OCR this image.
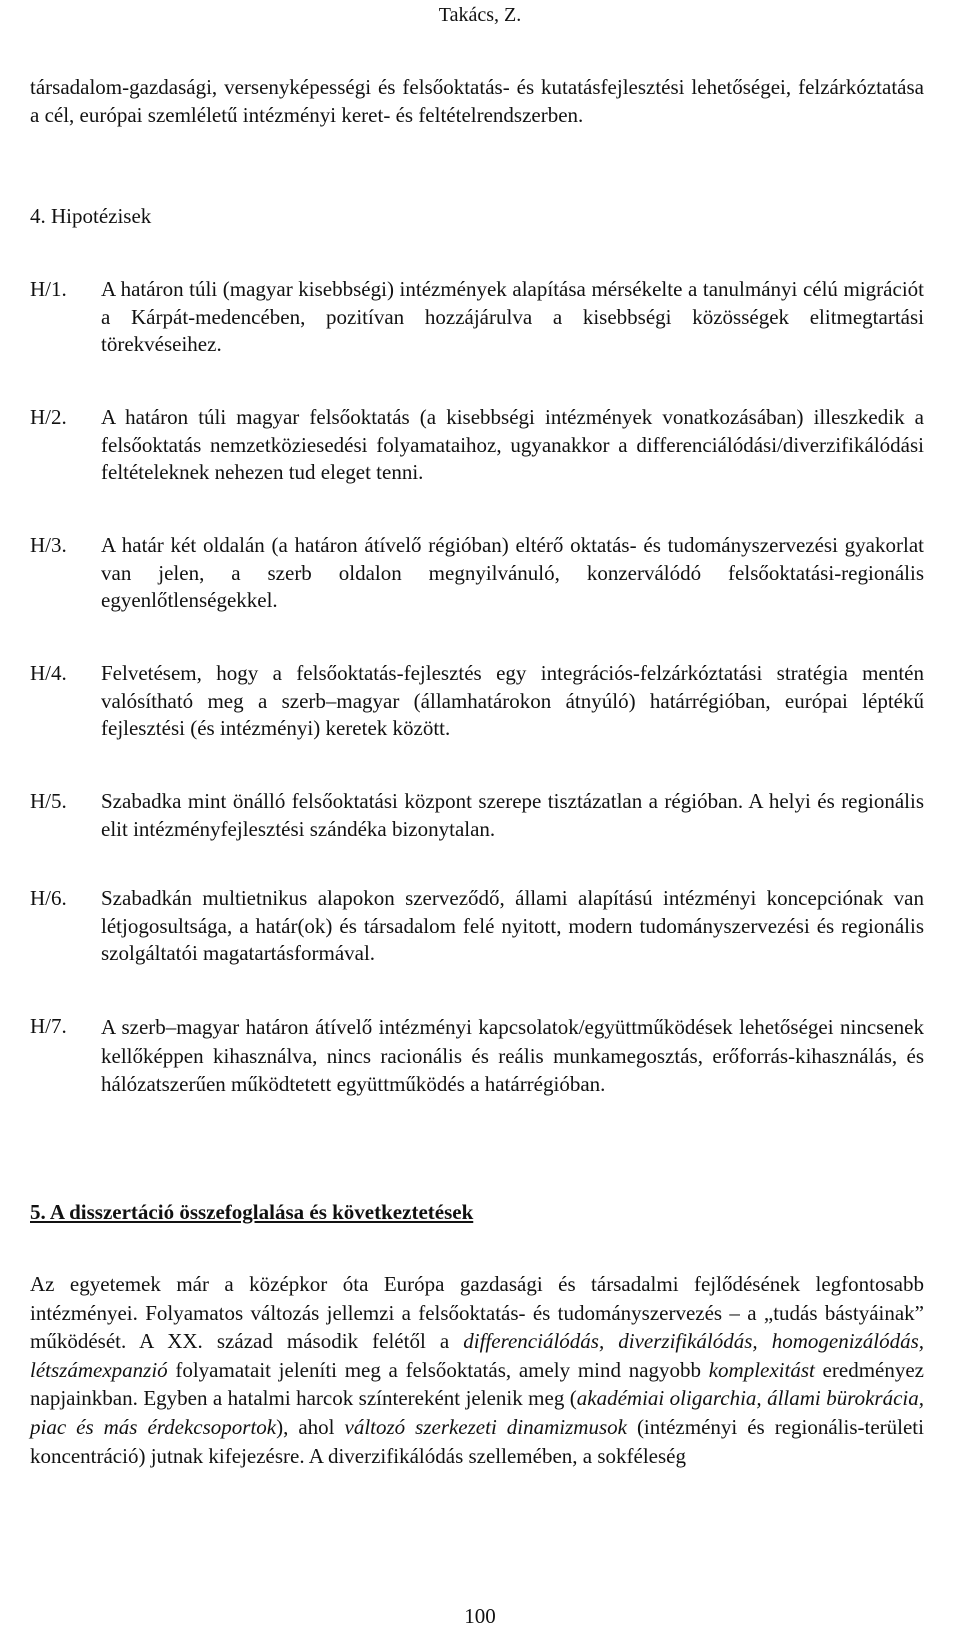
Takács, Z.
társadalom-gazdasági, versenyképességi és felsőoktatás- és kutatásfejlesztési lehetőségei, felzárkóztatása a cél, európai szemléletű intézményi keret- és feltételrendszerben.
4. Hipotézisek
H/1. A határon túli (magyar kisebbségi) intézmények alapítása mérsékelte a tanulmányi célú migrációt a Kárpát-medencében, pozitívan hozzájárulva a kisebbségi közösségek elitmegtartási törekvéseihez.
H/2. A határon túli magyar felsőoktatás (a kisebbségi intézmények vonatkozásában) illeszkedik a felsőoktatás nemzetköziesedési folyamataihoz, ugyanakkor a differenciálódási/diverzifikálódási feltételeknek nehezen tud eleget tenni.
H/3. A határ két oldalán (a határon átívelő régióban) eltérő oktatás- és tudományszervezési gyakorlat van jelen, a szerb oldalon megnyilvánuló, konzerválódó felsőoktatási-regionális egyenlőtlenségekkel.
H/4. Felvetésem, hogy a felsőoktatás-fejlesztés egy integrációs-felzárkóztatási stratégia mentén valósítható meg a szerb–magyar (államhatárokon átnyúló) határrégióban, európai léptékű fejlesztési (és intézményi) keretek között.
H/5. Szabadka mint önálló felsőoktatási központ szerepe tisztázatlan a régióban. A helyi és regionális elit intézményfejlesztési szándéka bizonytalan.
H/6. Szabadkán multietnikus alapokon szerveződő, állami alapítású intézményi koncepciónak van létjogosultsága, a határ(ok) és társadalom felé nyitott, modern tudományszervezési és regionális szolgáltatói magatartásformával.
H/7. A szerb–magyar határon átívelő intézményi kapcsolatok/együttműködések lehetőségei nincsenek kellőképpen kihasználva, nincs racionális és reális munkamegosztás, erőforrás-kihasználás, és hálózatszerűen működtetett együttműködés a határrégióban.
5. A disszertáció összefoglalása és következtetések
Az egyetemek már a középkor óta Európa gazdasági és társadalmi fejlődésének legfontosabb intézményei. Folyamatos változás jellemzi a felsőoktatás- és tudományszervezés – a „tudás bástyáinak” működését. A XX. század második felétől a differenciálódás, diverzifikálódás, homogenizálódás, létszámexpanzió folyamatait jeleníti meg a felsőoktatás, amely mind nagyobb komplexitást eredményez napjainkban. Egyben a hatalmi harcok színtereként jelenik meg (akadémiai oligarchia, állami bürokrácia, piac és más érdekcsoportok), ahol változó szerkezeti dinamizmusok (intézményi és regionális-területi koncentráció) jutnak kifejezésre. A diverzifikálódás szellemében, a sokféleség
100
